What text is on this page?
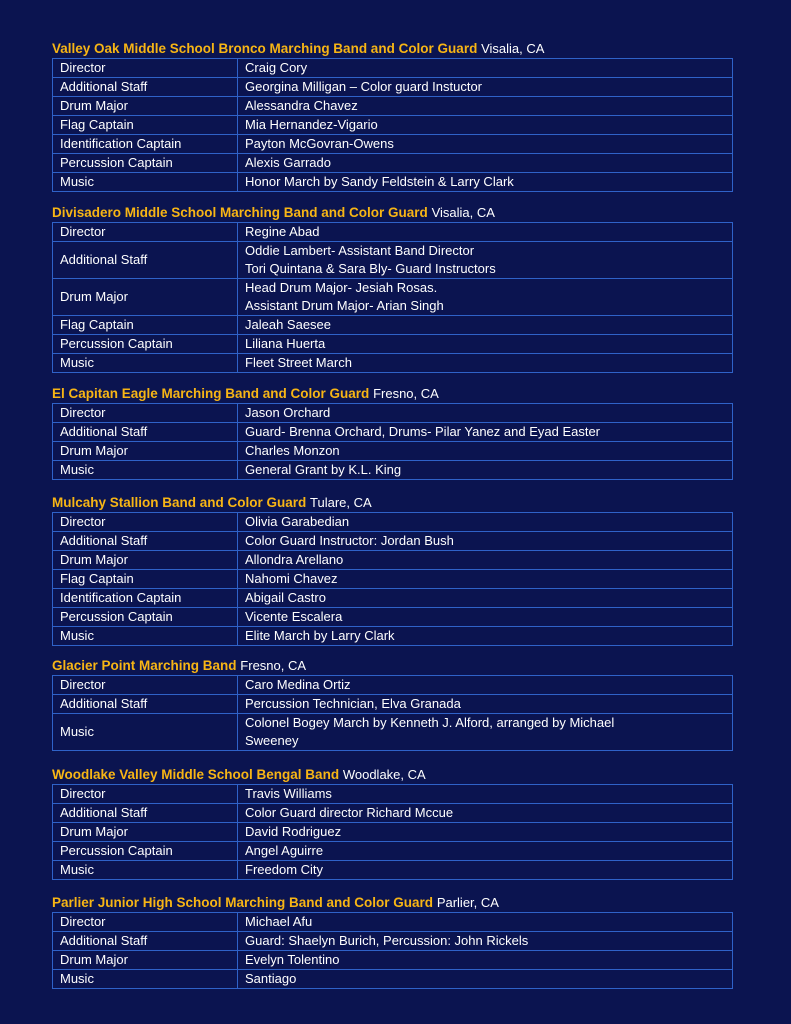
Valley Oak Middle School Bronco Marching Band and Color Guard Visalia, CA
Director	Craig Cory

Additional Staff	Georgina Milligan – Color guard Instuctor

Drum Major	Alessandra Chavez

Flag Captain	Mia Hernandez-Vigario

Identification Captain	Payton McGovran-Owens

Percussion Captain	Alexis Garrado

Music	Honor March by Sandy Feldstein & Larry Clark
Divisadero Middle School Marching Band and Color Guard Visalia, CA
Director	Regine Abad

Additional Staff	Oddie Lambert- Assistant Band Director
Tori Quintana & Sara Bly- Guard Instructors

Drum Major	Head Drum Major- Jesiah Rosas.
Assistant Drum Major- Arian Singh

Flag Captain	Jaleah Saesee

Percussion Captain	Liliana Huerta

Music	Fleet Street March
El Capitan Eagle Marching Band and Color Guard Fresno, CA
Director	Jason Orchard

Additional Staff	Guard- Brenna Orchard, Drums- Pilar Yanez and Eyad Easter

Drum Major	Charles Monzon

Music	General Grant by K.L. King
Mulcahy Stallion Band and Color Guard Tulare, CA
Director	Olivia Garabedian

Additional Staff	Color Guard Instructor: Jordan Bush

Drum Major	Allondra Arellano

Flag Captain	Nahomi Chavez

Identification Captain	Abigail Castro

Percussion Captain	Vicente Escalera

Music	Elite March by Larry Clark
Glacier Point Marching Band Fresno, CA
Director	Caro Medina Ortiz

Additional Staff	Percussion Technician, Elva Granada

Music	Colonel Bogey March by Kenneth J. Alford, arranged by Michael
Sweeney
Woodlake Valley Middle School Bengal Band Woodlake, CA
Director	Travis Williams

Additional Staff	Color Guard director Richard Mccue

Drum Major	David Rodriguez

Percussion Captain	Angel Aguirre

Music	Freedom City
Parlier Junior High School Marching Band and Color Guard Parlier, CA
Director	Michael Afu

Additional Staff	Guard: Shaelyn Burich, Percussion: John Rickels

Drum Major	Evelyn Tolentino

Music	Santiago
